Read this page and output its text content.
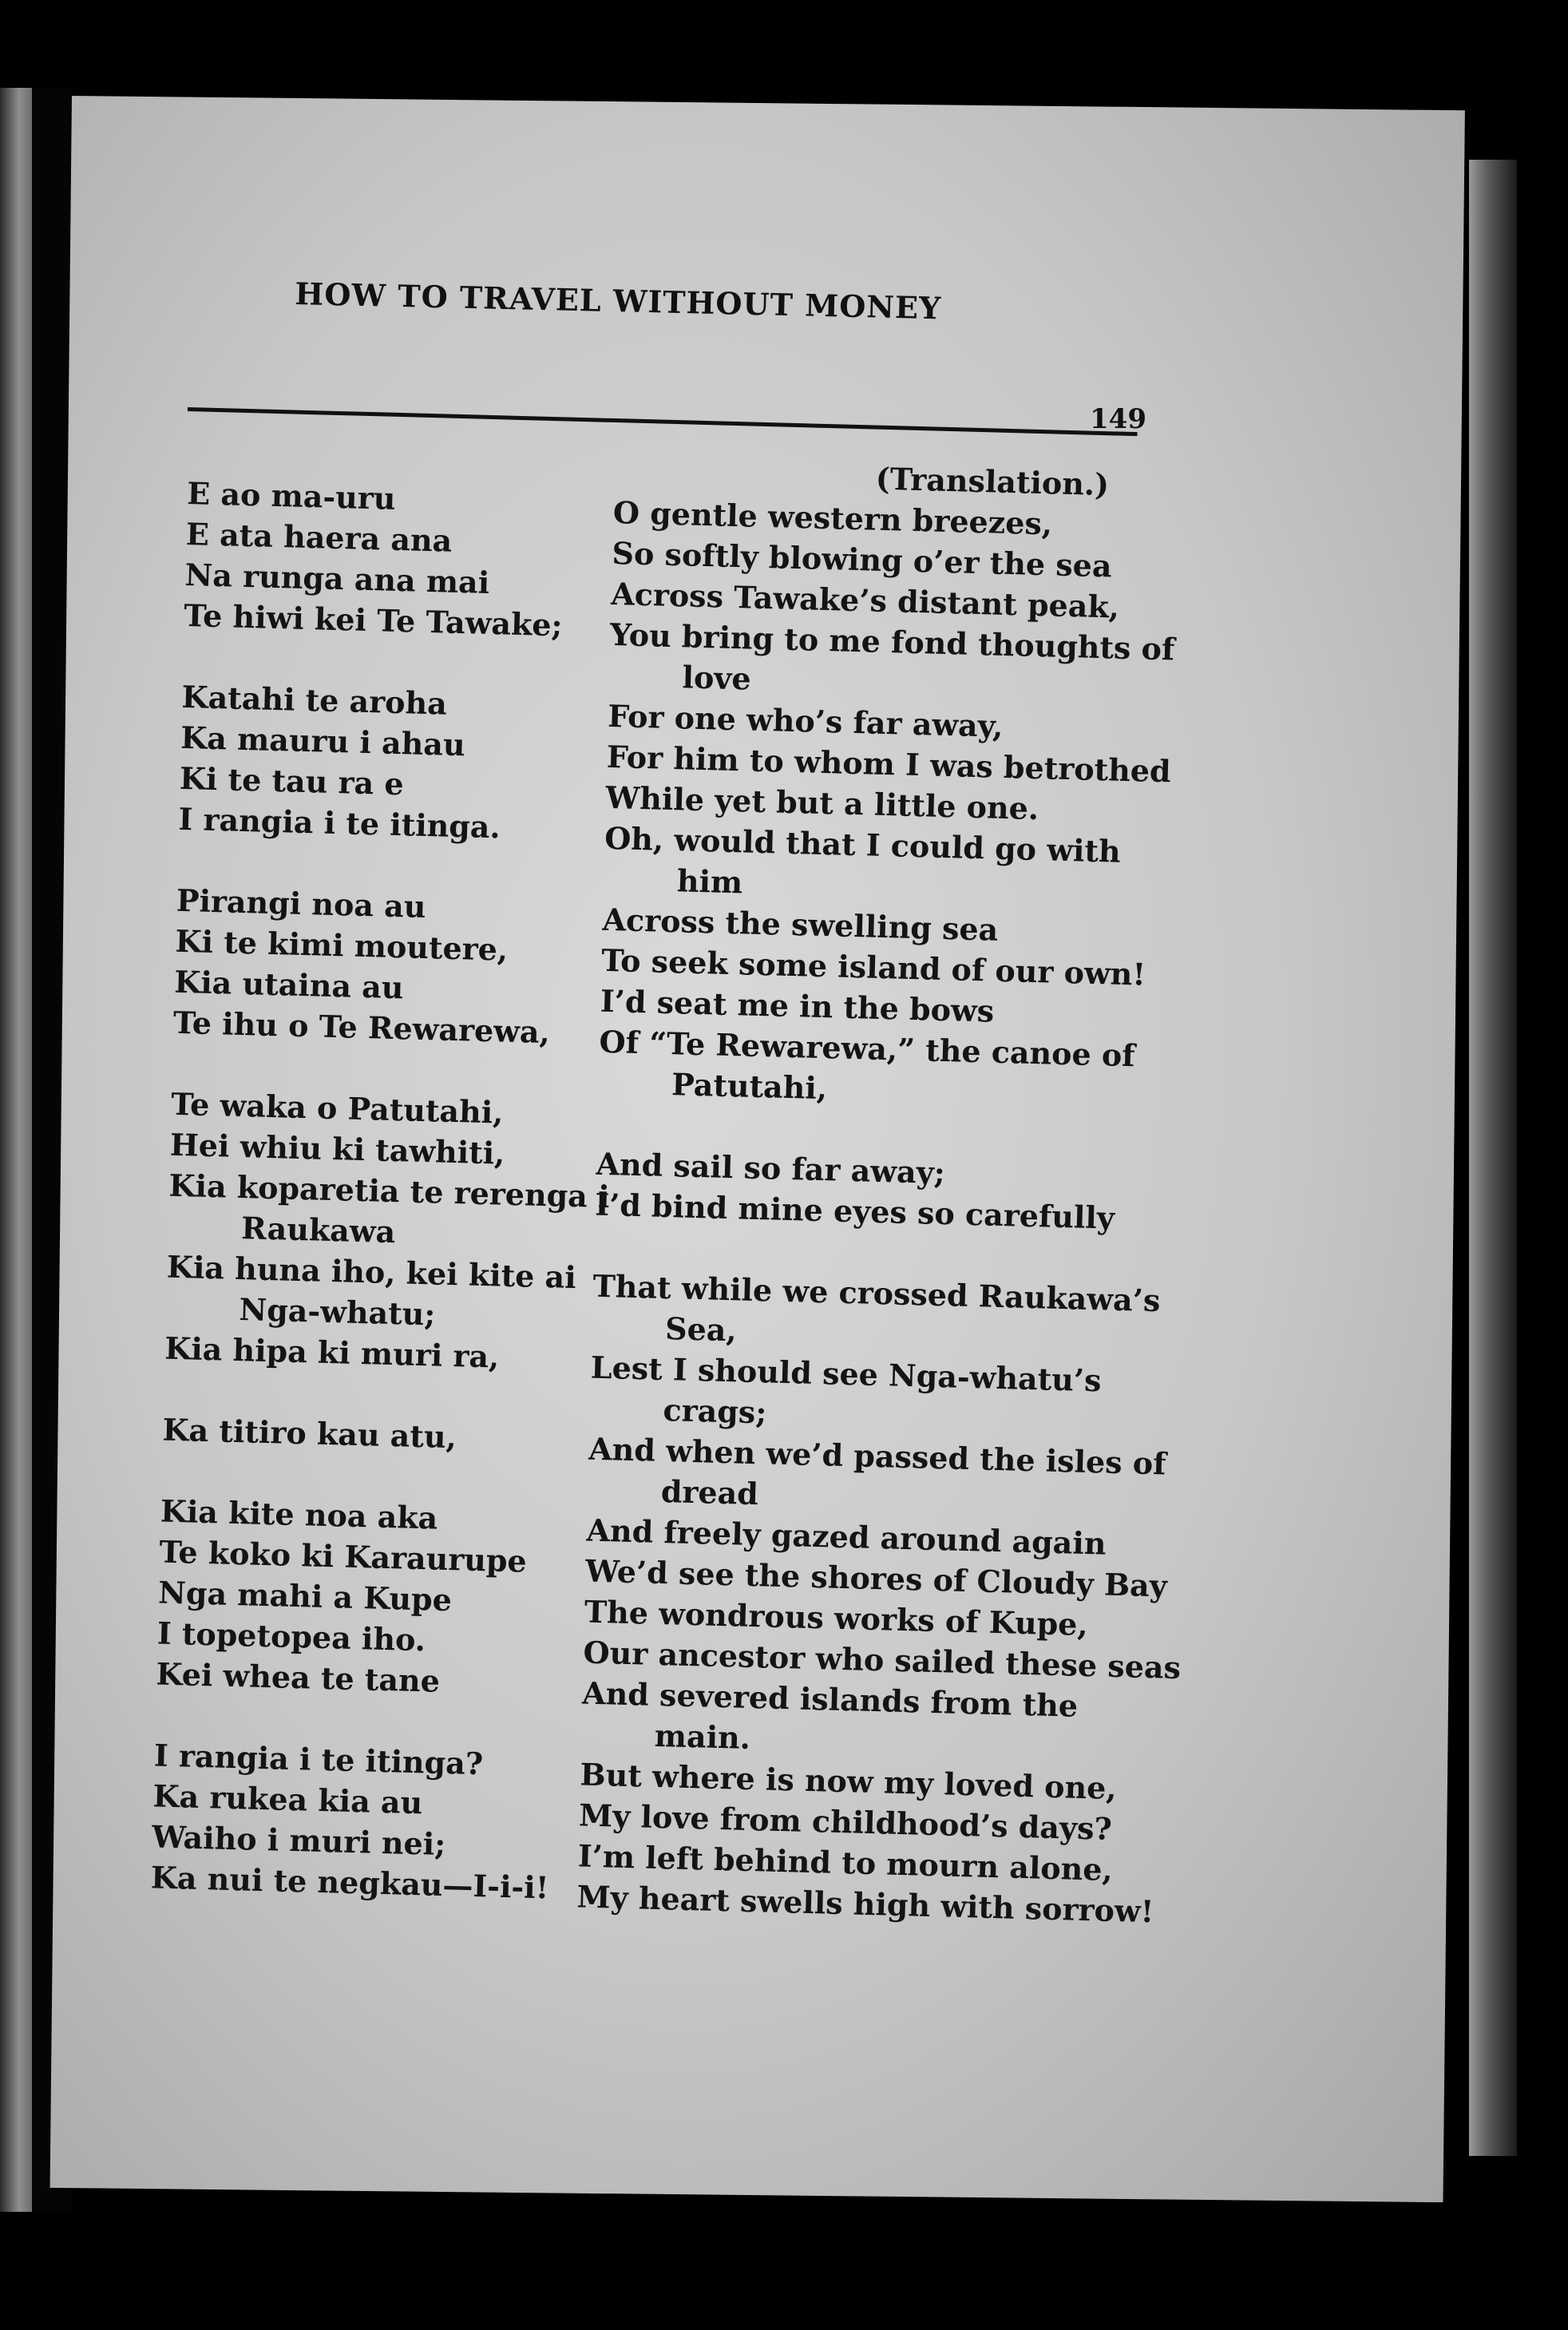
HOW TO TRAVEL WITHOUT MONEY
149
E ao ma-uru
E ata haera ana
Na runga ana mai
Te hiwi kei Te Tawake;
Katahi te aroha
Ka mauru i ahau
Ki te tau ra e
I rangia i te itinga.
Pirangi noa au
Ki te kimi moutere,
Kia utaina au
Te ihu o Te Rewarewa,
Te waka o Patutahi,
Hei whiu ki tawhiti,
Kia koparetia te rerenga i
Raukawa
Kia huna iho, kei kite ai
Nga-whatu;
Kia hipa ki muri ra,
Ka titiro kau atu,
Kia kite noa aka
Te koko ki Karaurupe
Nga mahi a Kupe
I topetopea iho.
Kei whea te tane
I rangia i te itinga?
Ka rukea kia au
Waiho i muri nei;
Ka nui te negkau—I-i-i!
(Translation.)
O gentle western breezes,
So softly blowing o’er the sea
Across Tawake’s distant peak,
You bring to me fond thoughts of
love
For one who’s far away,
For him to whom I was betrothed
While yet but a little one.
Oh, would that I could go with
him
Across the swelling sea
To seek some island of our own!
I’d seat me in the bows
Of “Te Rewarewa,” the canoe of
Patutahi,
And sail so far away;
I’d bind mine eyes so carefully
That while we crossed Raukawa’s
Sea,
Lest I should see Nga-whatu’s
crags;
And when we’d passed the isles of
dread
And freely gazed around again
We’d see the shores of Cloudy Bay
The wondrous works of Kupe,
Our ancestor who sailed these seas
And severed islands from the
main.
But where is now my loved one,
My love from childhood’s days?
I’m left behind to mourn alone,
My heart swells high with sorrow!
